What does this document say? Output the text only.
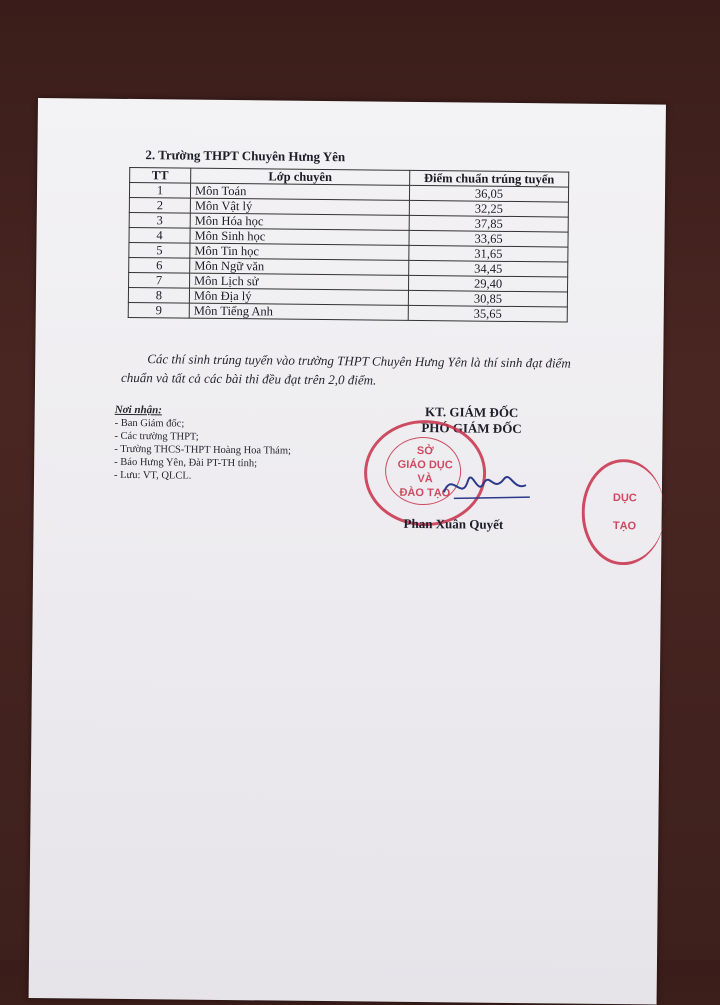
2. Trường THPT Chuyên Hưng Yên
TT	Lớp chuyên	Điểm chuẩn trúng tuyển
1	Môn Toán	36,05
2	Môn Vật lý	32,25
3	Môn Hóa học	37,85
4	Môn Sinh học	33,65
5	Môn Tin học	31,65
6	Môn Ngữ văn	34,45
7	Môn Lịch sử	29,40
8	Môn Địa lý	30,85
9	Môn Tiếng Anh	35,65
Các thí sinh trúng tuyển vào trường THPT Chuyên Hưng Yên là thí sinh đạt điểm chuẩn và tất cả các bài thi đều đạt trên 2,0 điểm.
Nơi nhận:
- Ban Giám đốc;
- Các trường THPT;
- Trường THCS-THPT Hoàng Hoa Thám;
- Báo Hưng Yên, Đài PT-TH tỉnh;
- Lưu: VT, QLCL.
KT. GIÁM ĐỐC
PHÓ GIÁM ĐỐC
SỞ
GIÁO DỤC
VÀ
ĐÀO TẠO
Phan Xuân Quyết
DỤC
TẠO
